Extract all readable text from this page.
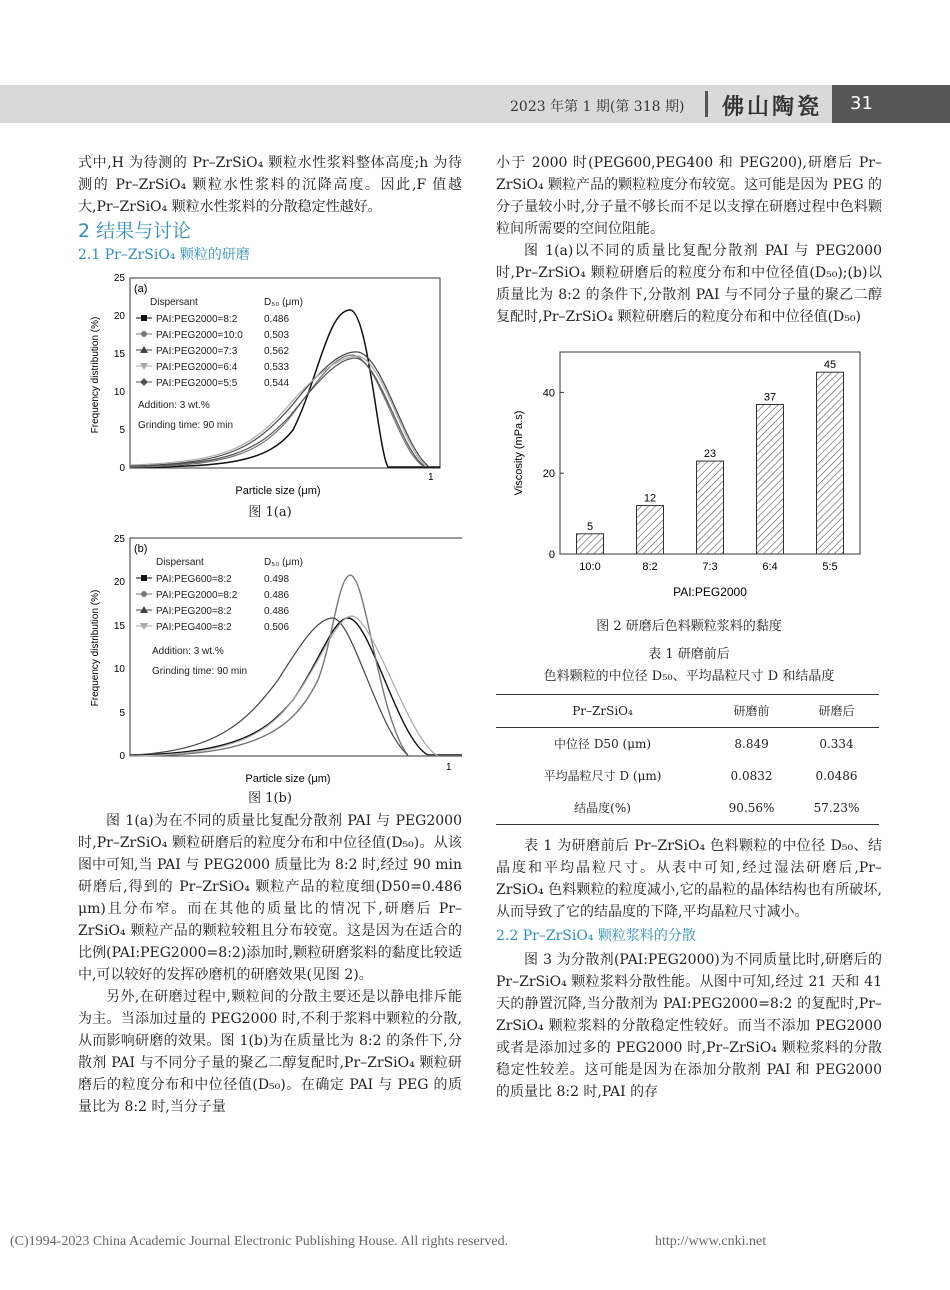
2023 年第 1 期(第 318 期) 佛山陶瓷	31

式中,H 为待测的 Pr–ZrSiO₄ 颗粒水性浆料整体高度;h 为待测的 Pr–ZrSiO₄ 颗粒水性浆料的沉降高度。因此,F 值越大,Pr–ZrSiO₄ 颗粒水性浆料的分散稳定性越好。

2 结果与讨论
2.1 Pr–ZrSiO₄ 颗粒的研磨
(a)
0
5
10
15
20
25
1
Particle size (μm)
Frequency distribution (%)
Dispersant	D₅₀ (μm)
PAI:PEG2000=8:2	0.486
PAI:PEG2000=10:0 0.503
PAI:PEG2000=7:3	0.562
PAI:PEG2000=6:4	0.533
PAI:PEG2000=5:5	0.544
Addition: 3 wt.%
Grinding time: 90 min
图 1(a)
(b)
0
5
10
15
20
25
1
Particle size (μm)
Frequency distribution (%)
Dispersant	D₅₀ (μm)
PAI:PEG600=8:2	0.498
PAI:PEG2000=8:2	0.486
PAI:PEG200=8:2	0.486
PAI:PEG400=8:2	0.506
Addition: 3 wt.%
Grinding time: 90 min
图 1(b)

图 1(a)为在不同的质量比复配分散剂 PAI 与 PEG2000 时,Pr–ZrSiO₄ 颗粒研磨后的粒度分布和中位径值(D₅₀)。从该图中可知,当 PAI 与 PEG2000 质量比为 8:2 时,经过 90 min 研磨后,得到的 Pr–ZrSiO₄ 颗粒产品的粒度细(D50=0.486 μm)且分布窄。而在其他的质量比的情况下,研磨后 Pr–ZrSiO₄ 颗粒产品的颗粒较粗且分布较宽。这是因为在适合的比例(PAI:PEG2000=8:2)添加时,颗粒研磨浆料的黏度比较适中,可以较好的发挥砂磨机的研磨效果(见图 2)。

另外,在研磨过程中,颗粒间的分散主要还是以静电排斥能为主。当添加过量的 PEG2000 时,不利于浆料中颗粒的分散,从而影响研磨的效果。图 1(b)为在质量比为 8:2 的条件下,分散剂 PAI 与不同分子量的聚乙二醇复配时,Pr–ZrSiO₄ 颗粒研磨后的粒度分布和中位径值(D₅₀)。在确定 PAI 与 PEG 的质量比为 8:2 时,当分子量

小于 2000 时(PEG600,PEG400 和 PEG200),研磨后 Pr–ZrSiO₄ 颗粒产品的颗粒粒度分布较宽。这可能是因为 PEG 的分子量较小时,分子量不够长而不足以支撑在研磨过程中色料颗粒间所需要的空间位阻能。

图 1(a)以不同的质量比复配分散剂 PAI 与 PEG2000 时,Pr–ZrSiO₄ 颗粒研磨后的粒度分布和中位径值(D₅₀);(b)以质量比为 8:2 的条件下,分散剂 PAI 与不同分子量的聚乙二醇复配时,Pr–ZrSiO₄ 颗粒研磨后的粒度分布和中位径值(D₅₀)

0
20
40
5
10:0
12
8:2
23
7:3
37
6:4
45
5:5
PAI:PEG2000
Viscosity (mPa.s)
图 2 研磨后色料颗粒浆料的黏度
表 1 研磨前后
色料颗粒的中位径 D₅₀、平均晶粒尺寸 D 和结晶度
Pr–ZrSiO₄	研磨前	研磨后
中位径 D50 (μm)	8.849	0.334
平均晶粒尺寸 D (μm)	0.0832	0.0486
结晶度(%)	90.56%	57.23%

表 1 为研磨前后 Pr–ZrSiO₄ 色料颗粒的中位径 D₅₀、结晶度和平均晶粒尺寸。从表中可知,经过湿法研磨后,Pr–ZrSiO₄ 色料颗粒的粒度减小,它的晶粒的晶体结构也有所破坏,从而导致了它的结晶度的下降,平均晶粒尺寸减小。

2.2 Pr–ZrSiO₄ 颗粒浆料的分散

图 3 为分散剂(PAI:PEG2000)为不同质量比时,研磨后的 Pr–ZrSiO₄ 颗粒浆料分散性能。从图中可知,经过 21 天和 41 天的静置沉降,当分散剂为 PAI:PEG2000=8:2 的复配时,Pr–ZrSiO₄ 颗粒浆料的分散稳定性较好。而当不添加 PEG2000 或者是添加过多的 PEG2000 时,Pr–ZrSiO₄ 颗粒浆料的分散稳定性较差。这可能是因为在添加分散剂 PAI 和 PEG2000 的质量比 8:2 时,PAI 的存

(C)1994-2023 China Academic Journal Electronic Publishing House. All rights reserved.	http://www.cnki.net
